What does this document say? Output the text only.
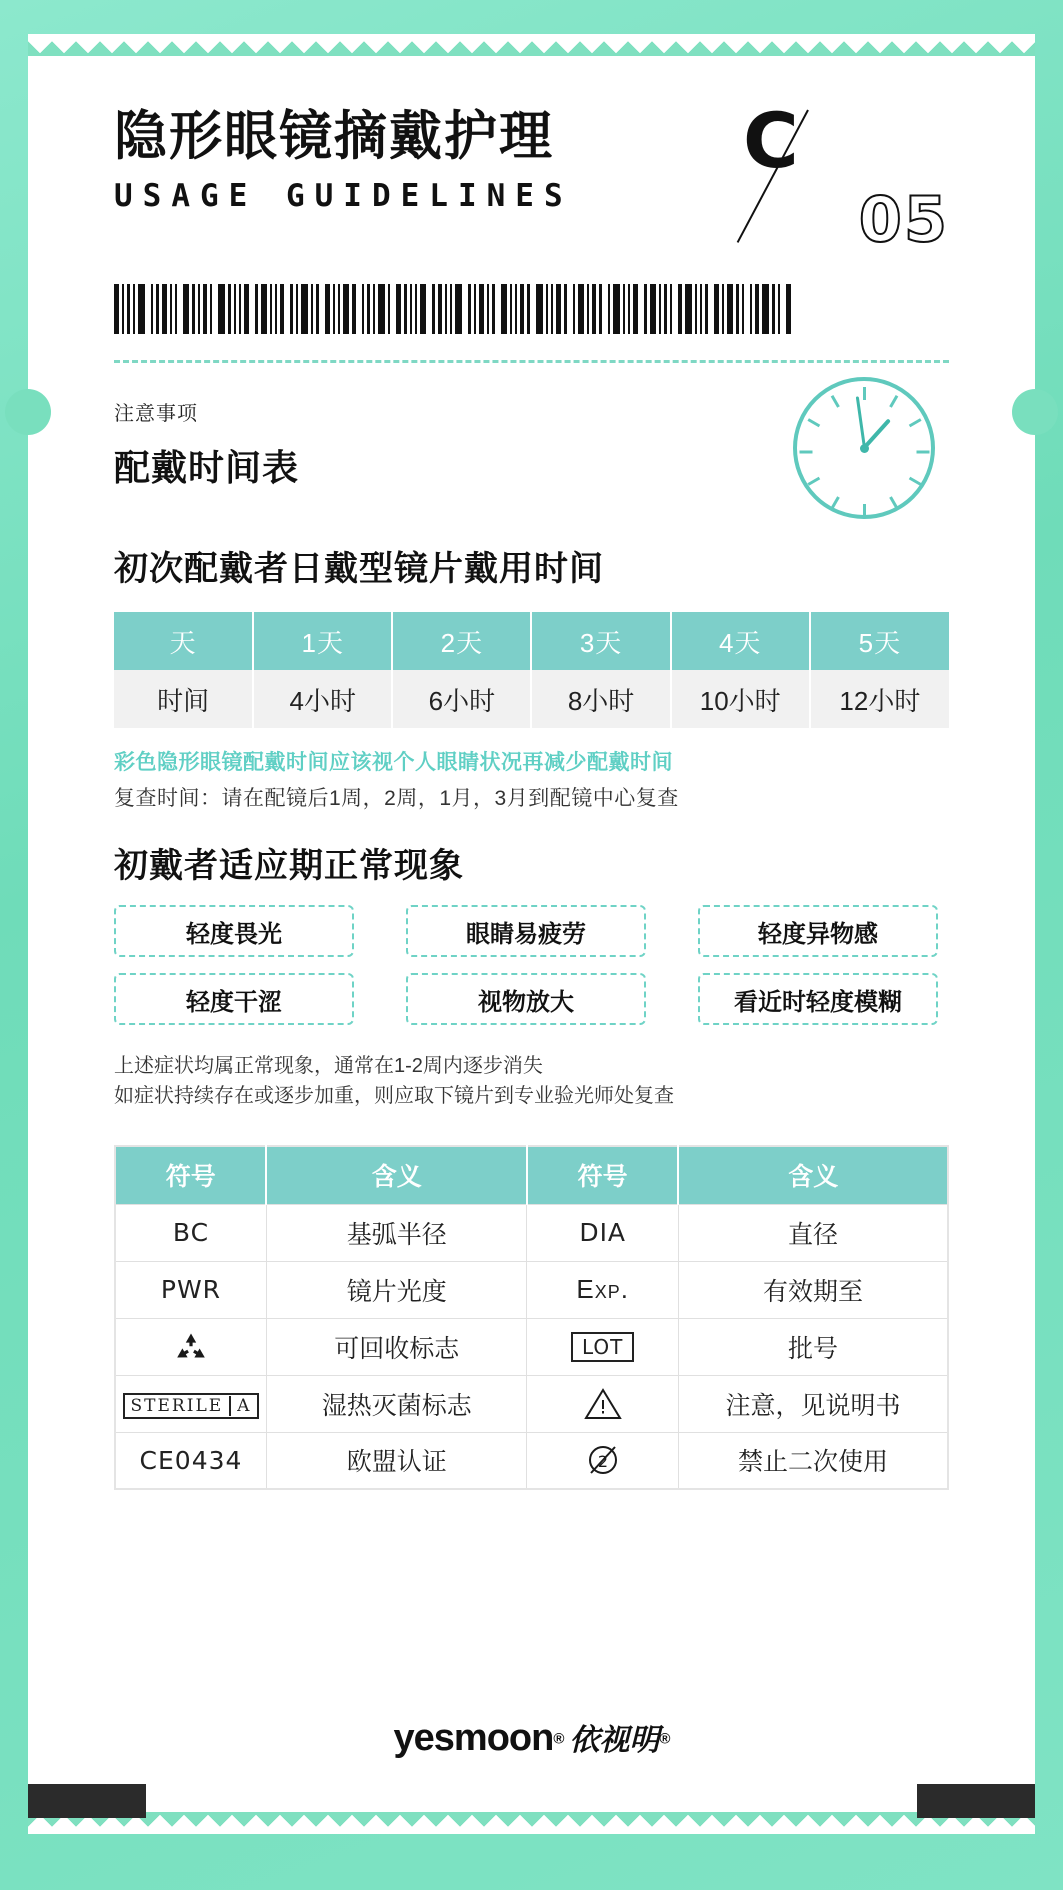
隐形眼镜摘戴护理
USAGE GUIDELINES
C
05
注意事项
配戴时间表
初次配戴者日戴型镜片戴用时间
天	1天	2天	3天	4天	5天
时间	4小时	6小时	8小时	10小时	12小时
彩色隐形眼镜配戴时间应该视个人眼睛状况再减少配戴时间
复查时间：请在配镜后1周，2周，1月，3月到配镜中心复查
初戴者适应期正常现象
轻度畏光	眼睛易疲劳	轻度异物感
轻度干涩	视物放大	看近时轻度模糊
上述症状均属正常现象，通常在1-2周内逐步消失
如症状持续存在或逐步加重，则应取下镜片到专业验光师处复查
符号	含义	符号	含义
BC	基弧半径	DIA	直径
PWR	镜片光度	Exp.	有效期至
	可回收标志	LOT	批号
STERILE A	湿热灭菌标志		注意，见说明书
CE0434	欧盟认证	2	禁止二次使用
yesmoon® 依视明®
